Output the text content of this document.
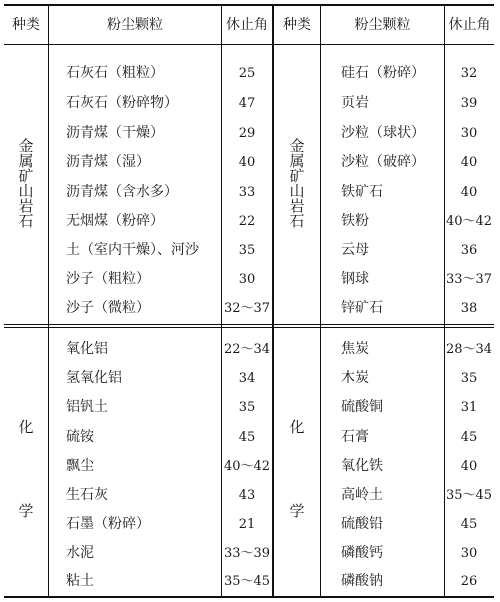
种类	粉尘颗粒	休止角	种类	粉尘颗粒	休止角
金属矿山岩石
金属矿山岩石
化
学
化
学
石灰石（粗粒）	25
石灰石（粉碎物）	47
沥青煤（干燥）	29
沥青煤（湿）	40
沥青煤（含水多）	33
无烟煤（粉碎）	22
土（室内干燥）、河沙	35
沙子（粗粒）	30
沙子（微粒）	32～37
硅石（粉碎）	32
页岩	39
沙粒（球状）	30
沙粒（破碎）	40
铁矿石	40
铁粉	40～42
云母	36
钢球	33～37
锌矿石	38
氧化铝	22～34
氢氧化铝	34
铝钒土	35
硫铵	45
飘尘	40～42
生石灰	43
石墨（粉碎）	21
水泥	33～39
粘土	35～45
焦炭	28～34
木炭	35
硫酸铜	31
石膏	45
氧化铁	40
高岭土	35～45
硫酸铅	45
磷酸钙	30
磷酸钠	26
